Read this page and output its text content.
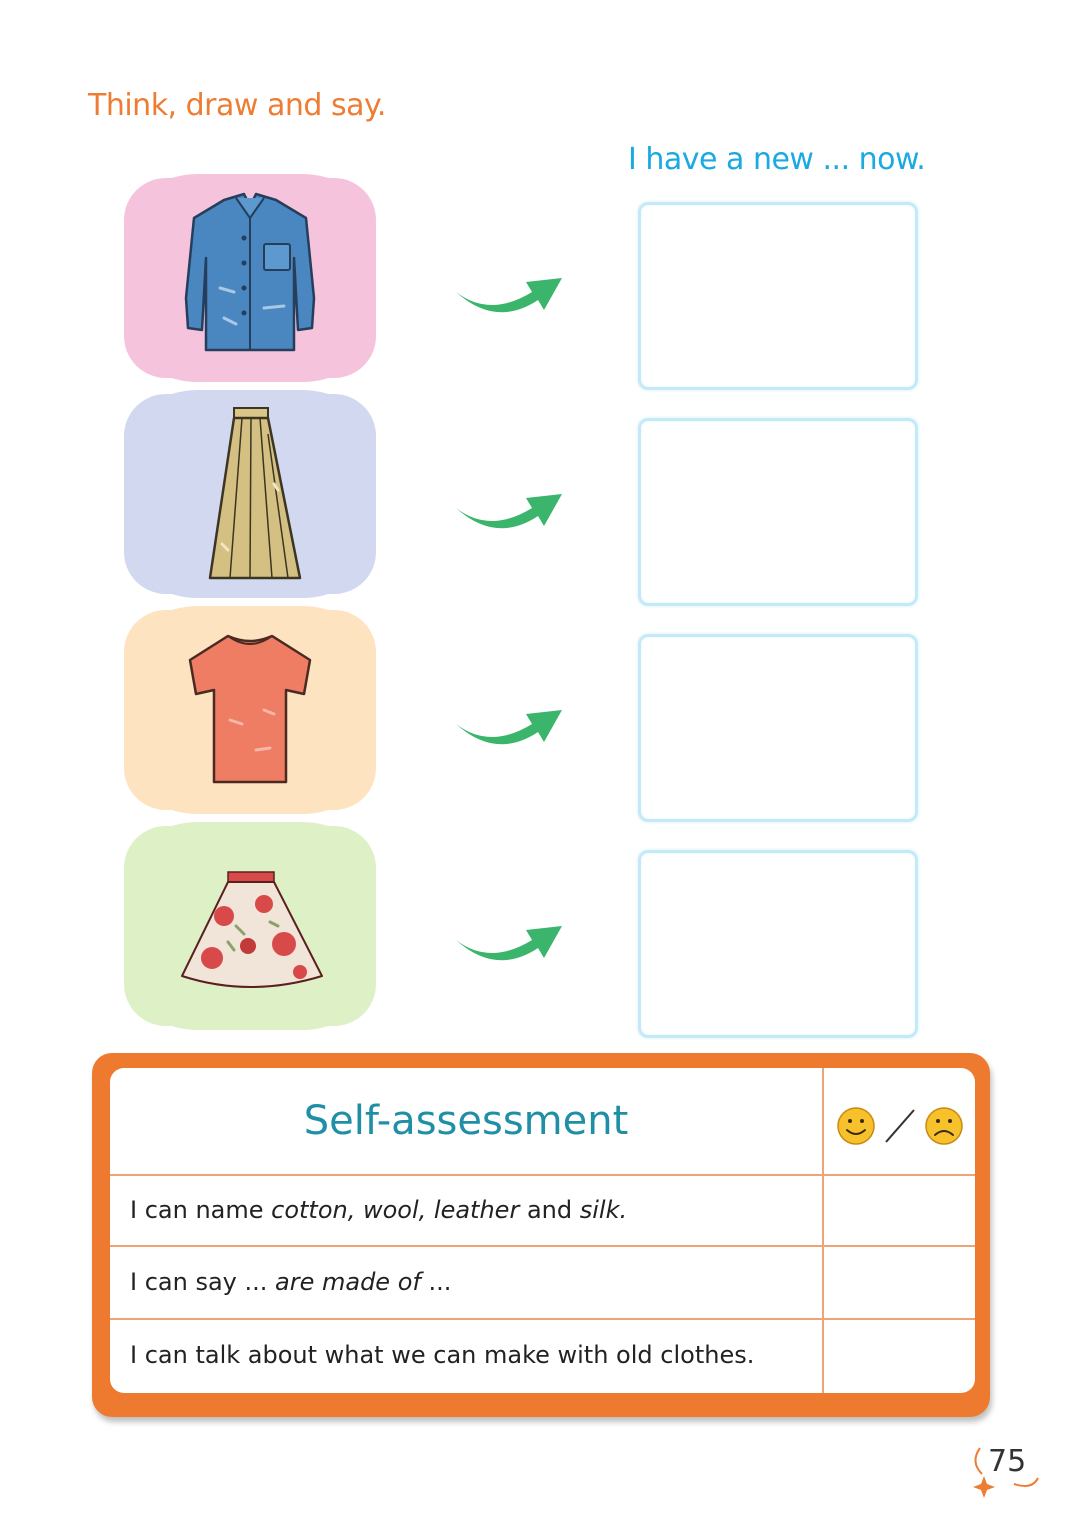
Think, draw and say.
I have a new ... now.
Self-assessment
I can name cotton, wool, leather and silk.
I can say ... are made of ...
I can talk about what we can make with old clothes.
75
